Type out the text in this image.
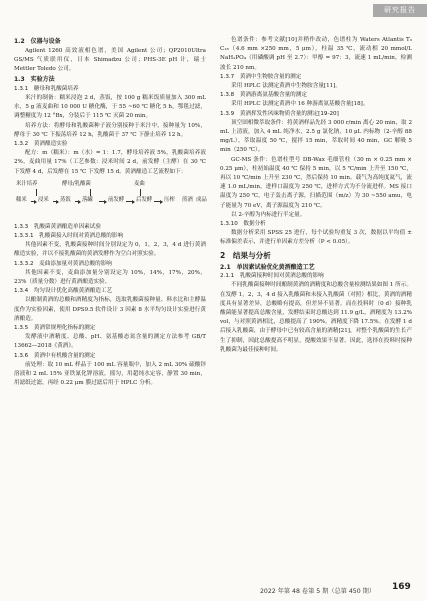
研究报告

1.2　仪器与设备

Agilent 1260 高效液相色谱，美国 Agilent 公司；QP2010Ultra GS/MS 气质联用仪，日本 Shimadzu 公司；PHS-3E pH 计，瑞士 Mettler Toledo 公司。

1.3　实验方法

1.3.1　糖母和乳酸菌培养

米汁的制备：糯米浸泡 2 d，蒸饭，按 100 g 糯米饭质量加入 300 mL 水，5 g 液麦曲和 10 000 U 糖化酶，于 55 ~60 ℃ 糖化 5 h，鄂毯过滤，调整糖度为 12 °Bx，分装后于 115 ℃ 灭菌 20 min。

培养方法：将酵母和乳酸菌种子液分别接种于米汁中，接种量为 10%，酵母于 30 ℃ 下振荡培养 12 h，乳酸菌于 37 ℃ 下静止培养 12 h。

1.3.2　黄酒酿造实验

配方：m（糯米）：m（水）= 1：1.7，酵母培养液 5%，乳酸菌培养液 2%，麦曲用量 17%（工艺参数：浸米时间 2 d，前发酵（主酵）在 30 ℃ 下发酵 4 d，后发酵在 15 ℃ 下发酵 15 d。黄酒酿造工艺流程如下：

米汁培养	酵母/乳酸菌	麦曲
糯米 浸米 蒸饭 落罐	前发酵 后发酵 压榨 煎酒 成品

1.3.3　乳酸菌黄酒酿造单因素试验

1.3.3.1　乳酸菌接入时间对黄酒总酸的影响

其他因素不变，乳酸菌接种时间分别设定为 0，1，2，3，4 d 进行黄酒酿造实验，并以不接乳酸菌的黄酒发酵作为空白对照实验。

1.3.3.2　麦曲添加量对黄酒总酸的影响

其他因素不变，麦曲添加量分别设定为 10%，14%，17%，20%，23%（质量分数）进行黄酒酿造实验。

1.3.4　均匀设计优化高酸黄酒酿造工艺

以酿制黄酒的总酸和酒精度为指标，选取乳酸菌接种量、料水比和主酵温度作为实验因素，使用 DPS9.5 软件设计 3 因素 8 水平均匀设计实验进行黄酒酿造。

1.3.5　黄酒常规理化指标的测定

发酵液中酒精度、总酸、pH、氨基酸态氮含量的测定方法参考 GB/T 13662—2018《黄酒》。

1.3.6　黄酒中有机酸含量的测定

前处理：取 10 mL 样品于 100 mL 容量瓶中，加入 2 mL 30% 硫酸锌溶液和 2 mL 15% 亚铁氰化钾溶液，摇匀，用超纯水定容，静置 30 min，用滤纸过滤，再经 0.22 μm 膜过滤后用于 HPLC 分析。

色谱条件：参考文献[10]并稍作改动，色谱柱为 Waters Atlantis T₃ C₁₈（4.6 mm ×250 mm，5 μm），柱温 35 ℃，流动相 20 mmol/L NaH₂PO₄（用磷酸调 pH 至 2.7）：甲醇 = 97：3，流速 1 mL/min，检测波长 210 nm。

1.3.7　黄酒中生物胺含量的测定

采用 HPLC 法测定黄酒中生物胺含量[11]。

1.3.8　黄酒游离氨基酸含量的测定

采用 HPLC 法测定黄酒中 16 种游离氨基酸含量[18]。

1.3.9　黄酒挥发性风味物质含量的测定[19-20]

顶空固相微萃取条件：将黄酒样品先经 3 000 r/min 离心 20 min，取 2 mL 上清液，加入 4 mL 纯净水，2.5 g 氯化钠，10 μL 内标物（2-辛醇 88 mg/L）。萃取温度 50 ℃，搅拌 15 min，萃取时间 40 min，GC 解吸 5 min（250 ℃）。

GC-MS 条件：色谱柱型号 DB-Wax 毛细管柱（30 m × 0.25 mm × 0.25 μm），柱初始温度 40 ℃ 保持 5 min，以 5 ℃/min 上升至 150 ℃，再以 10 ℃/min 上升至 230 ℃，然后保持 10 min。载气为高纯度氦气，流速 1.0 mL/min，进样口温度为 250 ℃，进样方式为不分流进样。MS 接口温度为 250 ℃，电子轰击离子源，扫描范围（m/z）为 30 ~550 amu，电子能量为 70 eV，离子源温度为 210 ℃。

以 2-辛醇为内标进行半定量。

1.3.10　数据分析

数据分析采用 SPSS 25 进行，每个试验均重复 3 次，数据以平均值 ± 标准偏差表示，并进行单因素方差分析（P < 0.05）。

2　结果与分析

2.1　单因素试验优化黄酒酿造工艺

2.1.1　乳酸菌接种时间对黄酒总酸的影响

不同乳酸菌接种时间酿制黄酒的酒精度和总酸含量检测结果如图 1 所示。在发酵 1，2，3，4 d 接入乳酸菌和未接入乳酸菌（对照）相比，黄酒的酒精度具有显著差异，总酸略有提高，但差异不显著。而在投料时（0 d）接种乳酸菌能显著提高总酸含量，发酵结束时总酸达到 11.9 g/L，酒精度为 13.2% vol，与对照黄酒相比，总酸提高了 190%，酒精度下降 17.5%。在发酵 1 d 后接入乳酸菌，由于酵母中已有较高含量的酒精[21]，对整个乳酸菌的生长产生了抑制，因此总酸提高不明显，提酸效果不显著。因此，选择在投料时接种乳酸菌为最佳接种时间。

2022 年第 48 卷第 5 期（总第 450 期） 169
